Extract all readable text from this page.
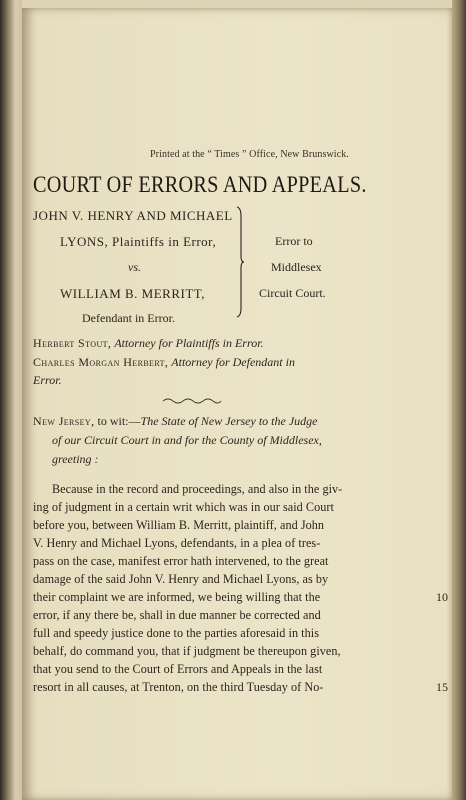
Printed at the “ Times ” Office, New Brunswick.
COURT OF ERRORS AND APPEALS.
JOHN V. HENRY AND MICHAEL
LYONS, Plaintiffs in Error,
vs.
WILLIAM B. MERRITT,
Defendant in Error.
Error to
Middlesex
Circuit Court.
Herbert Stout, Attorney for Plaintiffs in Error.
Charles Morgan Herbert, Attorney for Defendant in
Error.
New Jersey, to wit:—The State of New Jersey to the Judge
of our Circuit Court in and for the County of Middlesex,
greeting :
Because in the record and proceedings, and also in the giv-
ing of judgment in a certain writ which was in our said Court
before you, between William B. Merritt, plaintiff, and John
V. Henry and Michael Lyons, defendants, in a plea of tres-
pass on the case, manifest error hath intervened, to the great
damage of the said John V. Henry and Michael Lyons, as by
their complaint we are informed, we being willing that the
error, if any there be, shall in due manner be corrected and
full and speedy justice done to the parties aforesaid in this
behalf, do command you, that if judgment be thereupon given,
that you send to the Court of Errors and Appeals in the last
resort in all causes, at Trenton, on the third Tuesday of No-
10
15
